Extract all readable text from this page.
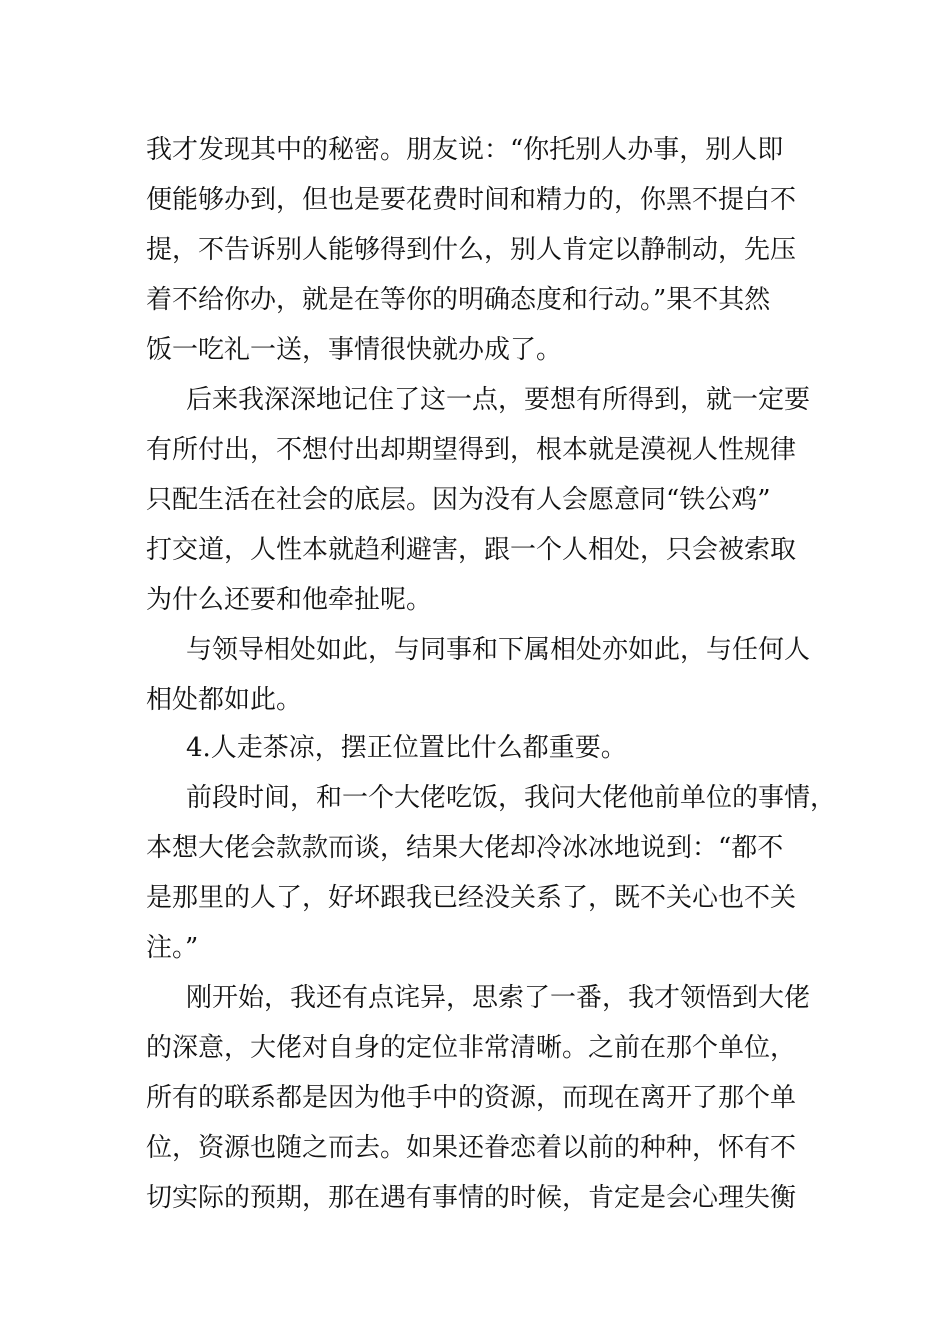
我才发现其中的秘密。朋友说：“你托别人办事，别人即

便能够办到，但也是要花费时间和精力的，你黑不提白不

提，不告诉别人能够得到什么，别人肯定以静制动，先压

着不给你办，就是在等你的明确态度和行动。”果不其然

饭一吃礼一送，事情很快就办成了。

后来我深深地记住了这一点，要想有所得到，就一定要

有所付出，不想付出却期望得到，根本就是漠视人性规律

只配生活在社会的底层。因为没有人会愿意同“铁公鸡”

打交道，人性本就趋利避害，跟一个人相处，只会被索取

为什么还要和他牵扯呢。

与领导相处如此，与同事和下属相处亦如此，与任何人

相处都如此。

4.人走茶凉，摆正位置比什么都重要。

前段时间，和一个大佬吃饭，我问大佬他前单位的事情，

本想大佬会款款而谈，结果大佬却冷冰冰地说到：“都不

是那里的人了，好坏跟我已经没关系了，既不关心也不关

注。”

刚开始，我还有点诧异，思索了一番，我才领悟到大佬

的深意，大佬对自身的定位非常清晰。之前在那个单位，

所有的联系都是因为他手中的资源，而现在离开了那个单

位，资源也随之而去。如果还眷恋着以前的种种，怀有不

切实际的预期，那在遇有事情的时候，肯定是会心理失衡
